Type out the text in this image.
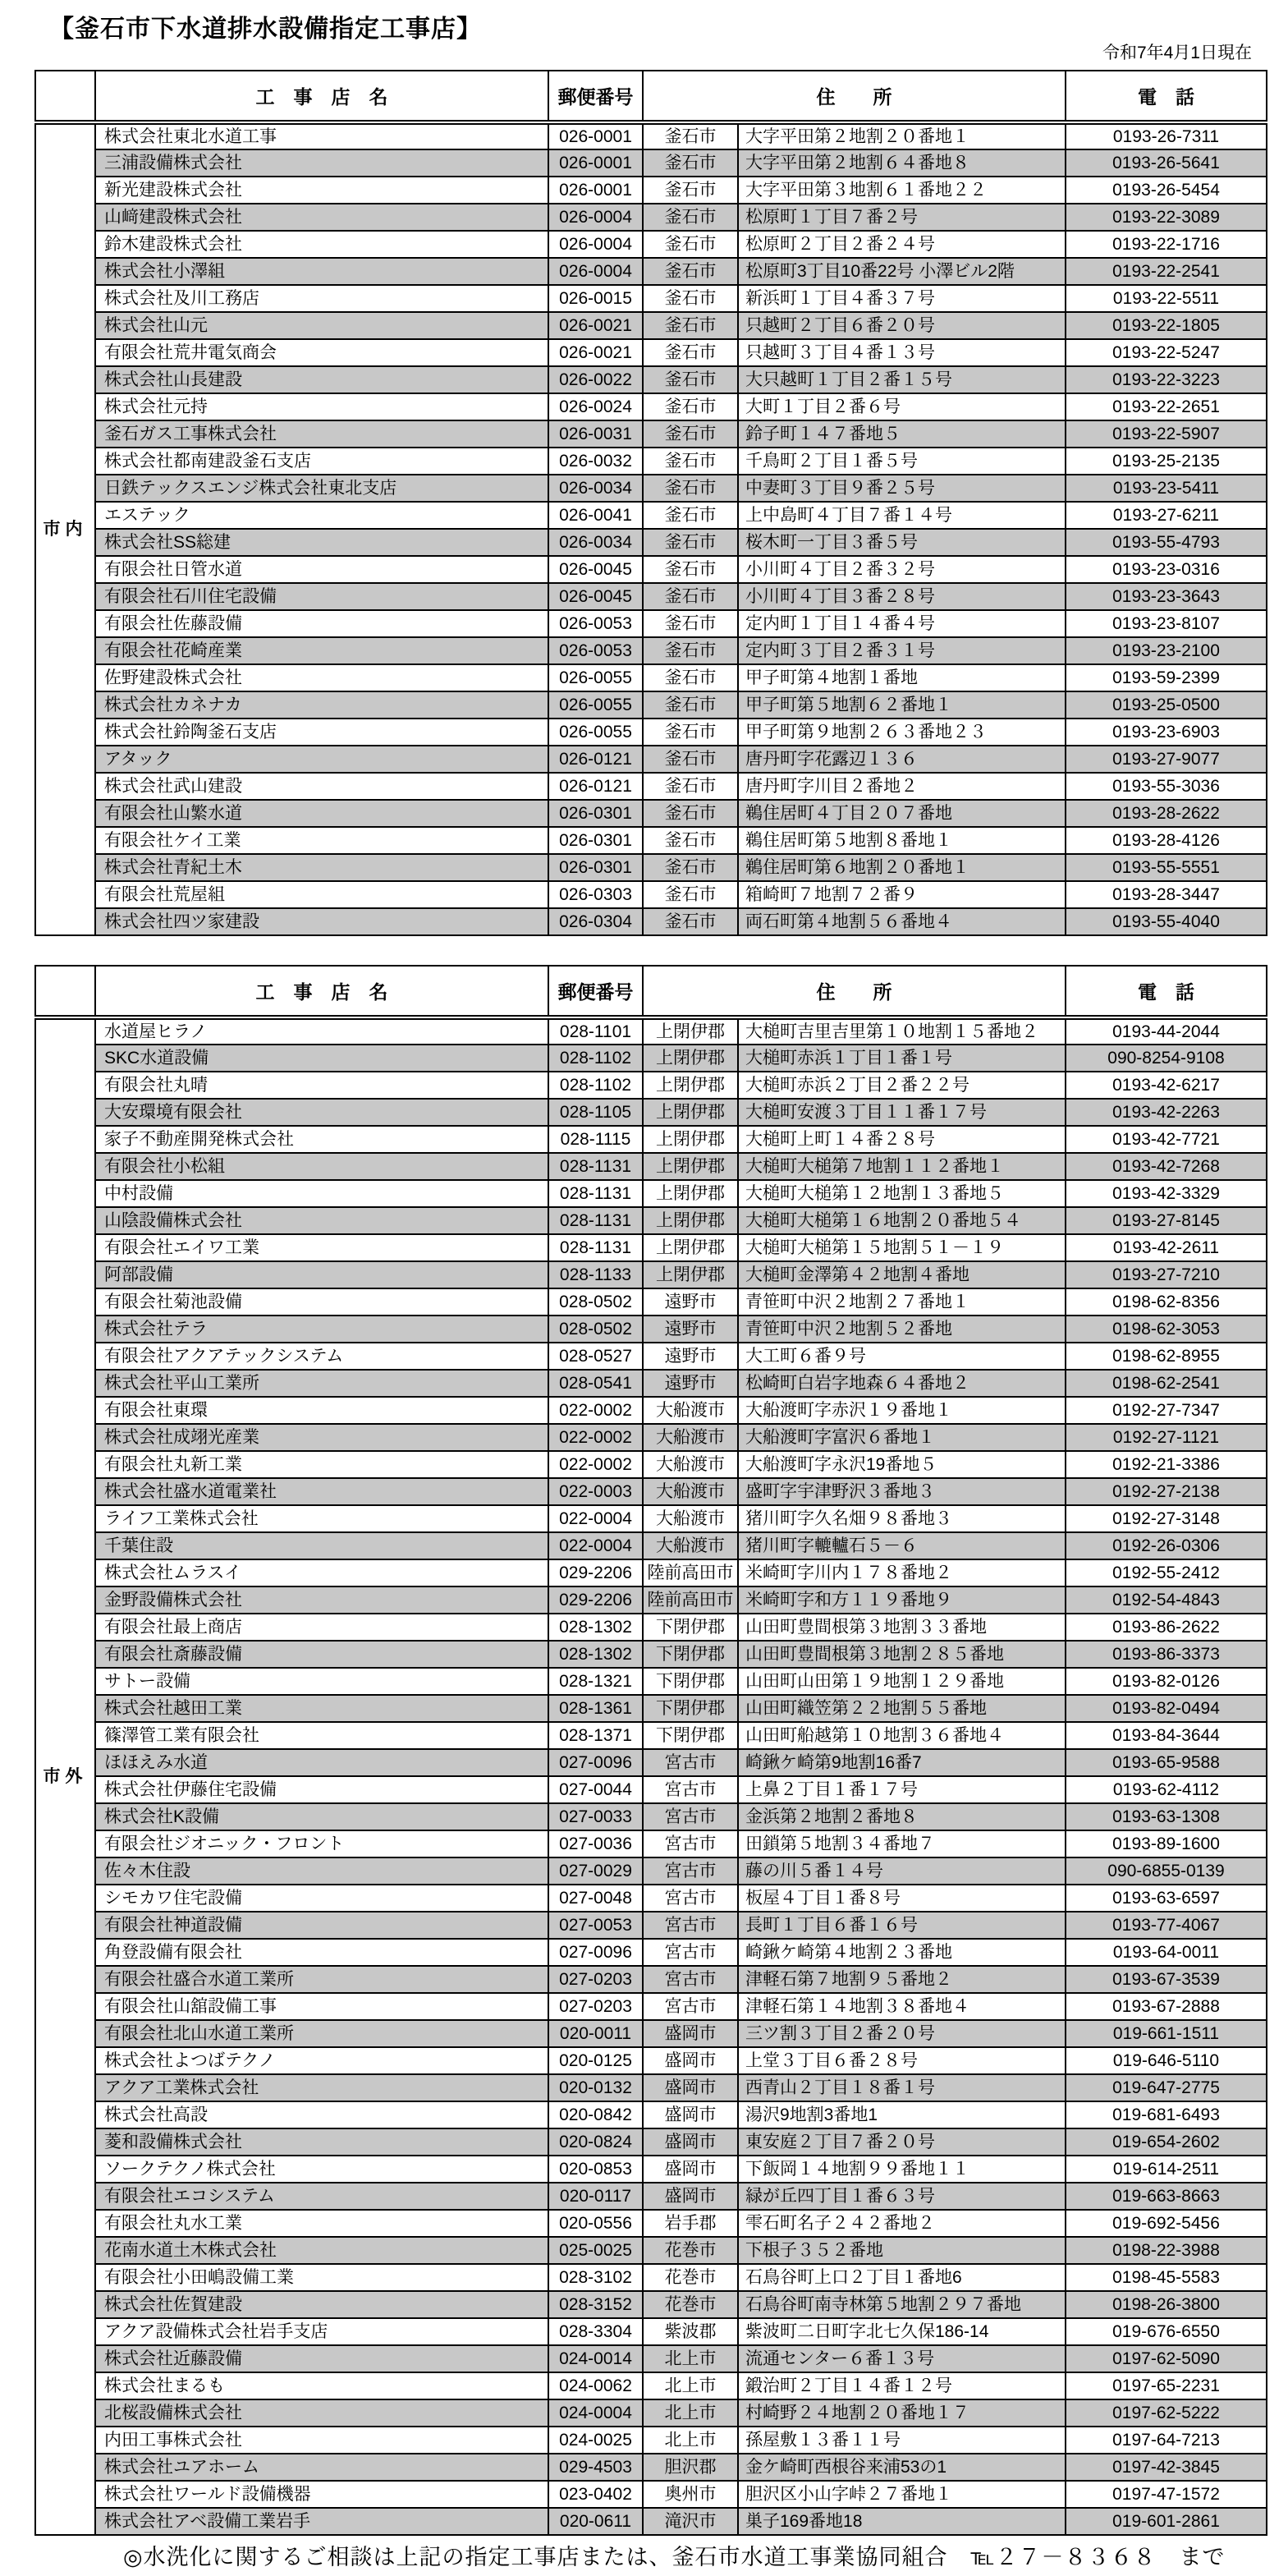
【釜石市下水道排水設備指定工事店】
令和7年4月1日現在
	工　事　店　名	郵便番号	住　　所		電　話
市内	株式会社東北水道工事	026-0001	釜石市	大字平田第２地割２０番地１	0193-26-7311
	三浦設備株式会社	026-0001	釜石市	大字平田第２地割６４番地８	0193-26-5641
	新光建設株式会社	026-0001	釜石市	大字平田第３地割６１番地２２	0193-26-5454
	山﨑建設株式会社	026-0004	釜石市	松原町１丁目７番２号	0193-22-3089
	鈴木建設株式会社	026-0004	釜石市	松原町２丁目２番２４号	0193-22-1716
	株式会社小澤組	026-0004	釜石市	松原町3丁目10番22号 小澤ビル2階	0193-22-2541
	株式会社及川工務店	026-0015	釜石市	新浜町１丁目４番３７号	0193-22-5511
	株式会社山元	026-0021	釜石市	只越町２丁目６番２０号	0193-22-1805
	有限会社荒井電気商会	026-0021	釜石市	只越町３丁目４番１３号	0193-22-5247
	株式会社山長建設	026-0022	釜石市	大只越町１丁目２番１５号	0193-22-3223
	株式会社元持	026-0024	釜石市	大町１丁目２番６号	0193-22-2651
	釜石ガス工事株式会社	026-0031	釜石市	鈴子町１４７番地５	0193-22-5907
	株式会社都南建設釜石支店	026-0032	釜石市	千鳥町２丁目１番５号	0193-25-2135
	日鉄テックスエンジ株式会社東北支店	026-0034	釜石市	中妻町３丁目９番２５号	0193-23-5411
	エステック	026-0041	釜石市	上中島町４丁目７番１４号	0193-27-6211
	株式会社SS総建	026-0034	釜石市	桜木町一丁目３番５号	0193-55-4793
	有限会社日管水道	026-0045	釜石市	小川町４丁目２番３２号	0193-23-0316
	有限会社石川住宅設備	026-0045	釜石市	小川町４丁目３番２８号	0193-23-3643
	有限会社佐藤設備	026-0053	釜石市	定内町１丁目１４番４号	0193-23-8107
	有限会社花崎産業	026-0053	釜石市	定内町３丁目２番３１号	0193-23-2100
	佐野建設株式会社	026-0055	釜石市	甲子町第４地割１番地	0193-59-2399
	株式会社カネナカ	026-0055	釜石市	甲子町第５地割６２番地１	0193-25-0500
	株式会社鈴陶釜石支店	026-0055	釜石市	甲子町第９地割２６３番地２３	0193-23-6903
	アタック	026-0121	釜石市	唐丹町字花露辺１３６	0193-27-9077
	株式会社武山建設	026-0121	釜石市	唐丹町字川目２番地２	0193-55-3036
	有限会社山繁水道	026-0301	釜石市	鵜住居町４丁目２０７番地	0193-28-2622
	有限会社ケイ工業	026-0301	釜石市	鵜住居町第５地割８番地１	0193-28-4126
	株式会社青紀土木	026-0301	釜石市	鵜住居町第６地割２０番地１	0193-55-5551
	有限会社荒屋組	026-0303	釜石市	箱崎町７地割７２番９	0193-28-3447
	株式会社四ツ家建設	026-0304	釜石市	両石町第４地割５６番地４	0193-55-4040
	工　事　店　名	郵便番号	住　　所		電　話
市外	水道屋ヒラノ	028-1101	上閉伊郡	大槌町吉里吉里第１０地割１５番地２	0193-44-2044
	SKC水道設備	028-1102	上閉伊郡	大槌町赤浜１丁目１番１号	090-8254-9108
	有限会社丸晴	028-1102	上閉伊郡	大槌町赤浜２丁目２番２２号	0193-42-6217
	大安環境有限会社	028-1105	上閉伊郡	大槌町安渡３丁目１１番１７号	0193-42-2263
	家子不動産開発株式会社	028-1115	上閉伊郡	大槌町上町１４番２８号	0193-42-7721
	有限会社小松組	028-1131	上閉伊郡	大槌町大槌第７地割１１２番地１	0193-42-7268
	中村設備	028-1131	上閉伊郡	大槌町大槌第１２地割１３番地５	0193-42-3329
	山陰設備株式会社	028-1131	上閉伊郡	大槌町大槌第１６地割２０番地５４	0193-27-8145
	有限会社エイワ工業	028-1131	上閉伊郡	大槌町大槌第１５地割５１－１９	0193-42-2611
	阿部設備	028-1133	上閉伊郡	大槌町金澤第４２地割４番地	0193-27-7210
	有限会社菊池設備	028-0502	遠野市	青笹町中沢２地割２７番地１	0198-62-8356
	株式会社テラ	028-0502	遠野市	青笹町中沢２地割５２番地	0198-62-3053
	有限会社アクアテックシステム	028-0527	遠野市	大工町６番９号	0198-62-8955
	株式会社平山工業所	028-0541	遠野市	松崎町白岩字地森６４番地２	0198-62-2541
	有限会社東環	022-0002	大船渡市	大船渡町字赤沢１９番地１	0192-27-7347
	株式会社成翊光産業	022-0002	大船渡市	大船渡町字富沢６番地１	0192-27-1121
	有限会社丸新工業	022-0002	大船渡市	大船渡町字永沢19番地５	0192-21-3386
	株式会社盛水道電業社	022-0003	大船渡市	盛町字宇津野沢３番地３	0192-27-2138
	ライフ工業株式会社	022-0004	大船渡市	猪川町字久名畑９８番地３	0192-27-3148
	千葉住設	022-0004	大船渡市	猪川町字轆轤石５－６	0192-26-0306
	株式会社ムラスイ	029-2206	陸前高田市	米崎町字川内１７８番地２	0192-55-2412
	金野設備株式会社	029-2206	陸前高田市	米崎町字和方１１９番地９	0192-54-4843
	有限会社最上商店	028-1302	下閉伊郡	山田町豊間根第３地割３３番地	0193-86-2622
	有限会社斎藤設備	028-1302	下閉伊郡	山田町豊間根第３地割２８５番地	0193-86-3373
	サトー設備	028-1321	下閉伊郡	山田町山田第１９地割１２９番地	0193-82-0126
	株式会社越田工業	028-1361	下閉伊郡	山田町織笠第２２地割５５番地	0193-82-0494
	篠澤管工業有限会社	028-1371	下閉伊郡	山田町船越第１０地割３６番地４	0193-84-3644
	ほほえみ水道	027-0096	宮古市	崎鍬ケ崎第9地割16番7	0193-65-9588
	株式会社伊藤住宅設備	027-0044	宮古市	上鼻２丁目１番１７号	0193-62-4112
	株式会社K設備	027-0033	宮古市	金浜第２地割２番地８	0193-63-1308
	有限会社ジオニック・フロント	027-0036	宮古市	田鎖第５地割３４番地７	0193-89-1600
	佐々木住設	027-0029	宮古市	藤の川５番１４号	090-6855-0139
	シモカワ住宅設備	027-0048	宮古市	板屋４丁目１番８号	0193-63-6597
	有限会社神道設備	027-0053	宮古市	長町１丁目６番１６号	0193-77-4067
	角登設備有限会社	027-0096	宮古市	崎鍬ケ崎第４地割２３番地	0193-64-0011
	有限会社盛合水道工業所	027-0203	宮古市	津軽石第７地割９５番地２	0193-67-3539
	有限会社山舘設備工事	027-0203	宮古市	津軽石第１４地割３８番地４	0193-67-2888
	有限会社北山水道工業所	020-0011	盛岡市	三ツ割３丁目２番２０号	019-661-1511
	株式会社よつばテクノ	020-0125	盛岡市	上堂３丁目６番２８号	019-646-5110
	アクア工業株式会社	020-0132	盛岡市	西青山２丁目１８番１号	019-647-2775
	株式会社高設	020-0842	盛岡市	湯沢9地割3番地1	019-681-6493
	菱和設備株式会社	020-0824	盛岡市	東安庭２丁目７番２０号	019-654-2602
	ソークテクノ株式会社	020-0853	盛岡市	下飯岡１４地割９９番地１１	019-614-2511
	有限会社エコシステム	020-0117	盛岡市	緑が丘四丁目１番６３号	019-663-8663
	有限会社丸水工業	020-0556	岩手郡	雫石町名子２４２番地２	019-692-5456
	花南水道土木株式会社	025-0025	花巻市	下根子３５２番地	0198-22-3988
	有限会社小田嶋設備工業	028-3102	花巻市	石鳥谷町上口２丁目１番地6	0198-45-5583
	株式会社佐賀建設	028-3152	花巻市	石鳥谷町南寺林第５地割２９７番地	0198-26-3800
	アクア設備株式会社岩手支店	028-3304	紫波郡	紫波町二日町字北七久保186-14	019-676-6550
	株式会社近藤設備	024-0014	北上市	流通センター６番１３号	0197-62-5090
	株式会社まるも	024-0062	北上市	鍛治町２丁目１４番１２号	0197-65-2231
	北桜設備株式会社	024-0004	北上市	村崎野２４地割２０番地１７	0197-62-5222
	内田工事株式会社	024-0025	北上市	孫屋敷１３番１１号	0197-64-7213
	株式会社ユアホーム	029-4503	胆沢郡	金ケ崎町西根谷来浦53の1	0197-42-3845
	株式会社ワールド設備機器	023-0402	奥州市	胆沢区小山字峠２７番地１	0197-47-1572
	株式会社アベ設備工業岩手	020-0611	滝沢市	巣子169番地18	019-601-2861
◎水洗化に関するご相談は上記の指定工事店または、釜石市水道工事業協同組合　℡２７－８３６８　まで
